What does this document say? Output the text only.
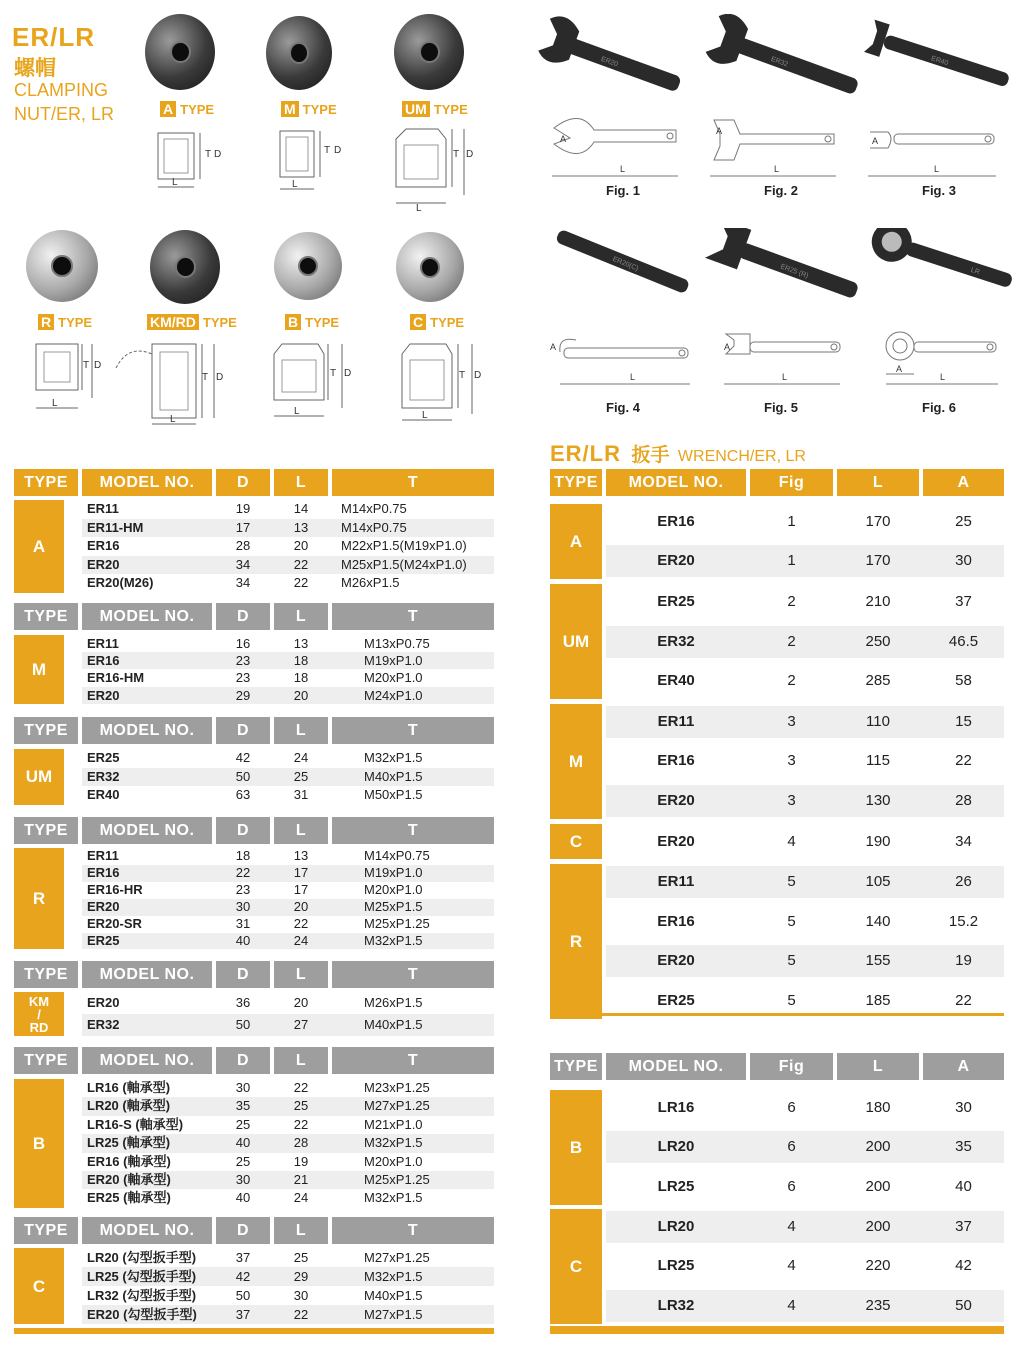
ER/LR
螺帽
CLAMPING
NUT/ER, LR	A TYPE	M TYPE	UM TYPE
T D
L
T D
L
T D
L
R TYPE	KM/RD TYPE	B TYPE	C TYPE
T D
L
T D
L
T D
L
T D
L
ER20	ER32	ER40
A
L
A
L
A
L
Fig. 1	Fig. 2	Fig. 3
ER20(C)	ER25 (R)	LR
A
L
A
L
A
L
Fig. 4	Fig. 5	Fig. 6
ER/LR 扳手 WRENCH/ER, LR
TYPE	MODEL NO.	D	L	T
A
ER11	19	14	M14xP0.75
ER11-HM	17	13	M14xP0.75
ER16	28	20	M22xP1.5(M19xP1.0)
ER20	34	22	M25xP1.5(M24xP1.0)
ER20(M26)	34	22	M26xP1.5
TYPE	MODEL NO.	D	L	T
M
ER11	16	13	M13xP0.75
ER16	23	18	M19xP1.0
ER16-HM	23	18	M20xP1.0
ER20	29	20	M24xP1.0
TYPE	MODEL NO.	D	L	T
UM
ER25	42	24	M32xP1.5
ER32	50	25	M40xP1.5
ER40	63	31	M50xP1.5
TYPE	MODEL NO.	D	L	T
R
ER11	18	13	M14xP0.75
ER16	22	17	M19xP1.0
ER16-HR	23	17	M20xP1.0
ER20	30	20	M25xP1.5
ER20-SR	31	22	M25xP1.25
ER25	40	24	M32xP1.5
TYPE	MODEL NO.	D	L	T
KM
/
RD
ER20	36	20	M26xP1.5
ER32	50	27	M40xP1.5
TYPE	MODEL NO.	D	L	T
B
LR16 (軸承型)	30	22	M23xP1.25
LR20 (軸承型)	35	25	M27xP1.25
LR16-S (軸承型)	25	22	M21xP1.0
LR25 (軸承型)	40	28	M32xP1.5
ER16 (軸承型)	25	19	M20xP1.0
ER20 (軸承型)	30	21	M25xP1.25
ER25 (軸承型)	40	24	M32xP1.5
TYPE	MODEL NO.	D	L	T
C
LR20 (勾型扳手型)	37	25	M27xP1.25
LR25 (勾型扳手型)	42	29	M32xP1.5
LR32 (勾型扳手型)	50	30	M40xP1.5
ER20 (勾型扳手型)	37	22	M27xP1.5
TYPE	MODEL NO.	Fig	L	A
A
ER16	1	170	25
ER20	1	170	30
UM
ER25	2	210	37
ER32	2	250	46.5
ER40	2	285	58
M
ER11	3	110	15
ER16	3	115	22
ER20	3	130	28
C	ER20	4	190	34
R
ER11	5	105	26
ER16	5	140	15.2
ER20	5	155	19
ER25	5	185	22
TYPE	MODEL NO.	Fig	L	A
B
LR16	6	180	30
LR20	6	200	35
LR25	6	200	40
C
LR20	4	200	37
LR25	4	220	42
LR32	4	235	50
